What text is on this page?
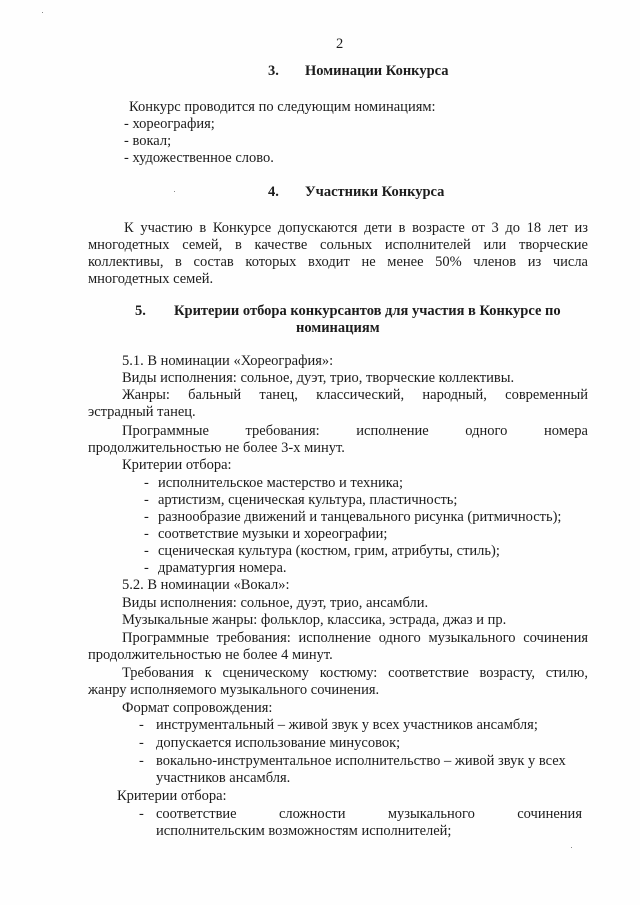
2
3. Номинации Конкурса
Конкурс проводится по следующим номинациям:
- хореография;
- вокал;
- художественное слово.
4. Участники Конкурса
К участию в Конкурсе допускаются дети в возрасте от 3 до 18 лет из
многодетных семей, в качестве сольных исполнителей или творческие
коллективы, в состав которых входит не менее 50% членов из числа
многодетных семей.
5. Критерии отбора конкурсантов для участия в Конкурсе по
номинациям
5.1. В номинации «Хореография»:
Виды исполнения: сольное, дуэт, трио, творческие коллективы.
Жанры: бальный танец, классический, народный, современный
эстрадный танец.
Программные требования: исполнение одного номера
продолжительностью не более 3-х минут.
Критерии отбора:
- исполнительское мастерство и техника;
- артистизм, сценическая культура, пластичность;
- разнообразие движений и танцевального рисунка (ритмичность);
- соответствие музыки и хореографии;
- сценическая культура (костюм, грим, атрибуты, стиль);
- драматургия номера.
5.2. В номинации «Вокал»:
Виды исполнения: сольное, дуэт, трио, ансамбли.
Музыкальные жанры: фольклор, классика, эстрада, джаз и пр.
Программные требования: исполнение одного музыкального сочинения
продолжительностью не более 4 минут.
Требования к сценическому костюму: соответствие возрасту, стилю,
жанру исполняемого музыкального сочинения.
Формат сопровождения:
- инструментальный – живой звук у всех участников ансамбля;
- допускается использование минусовок;
- вокально-инструментальное исполнительство – живой звук у всех
участников ансамбля.
Критерии отбора:
- соответствие сложности музыкального сочинения
исполнительским возможностям исполнителей;
